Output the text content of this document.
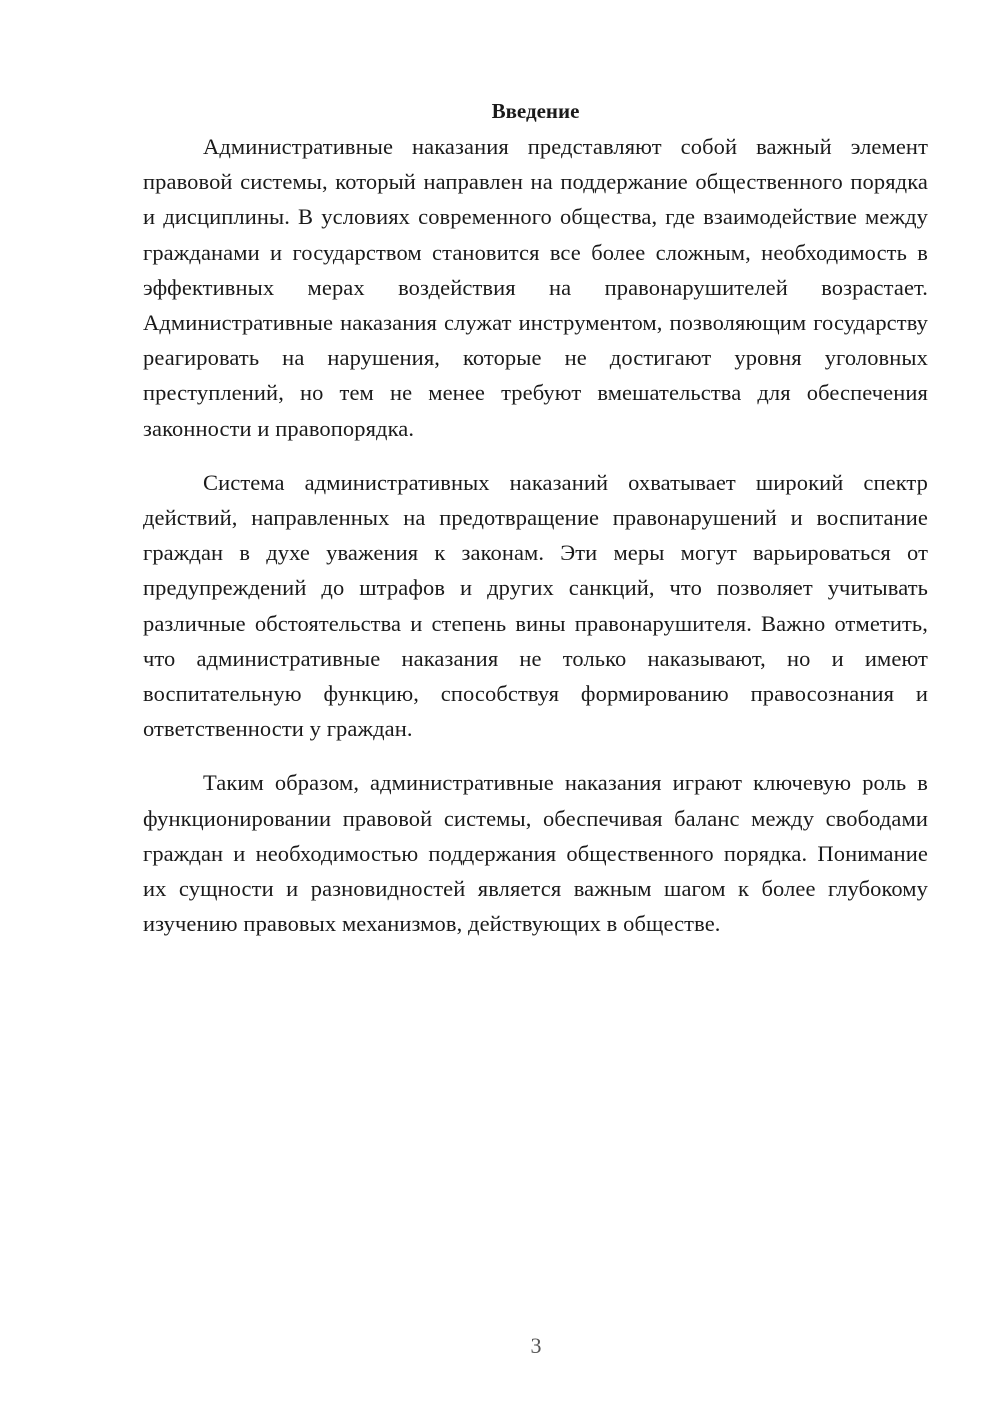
Введение

Административные наказания представляют собой важный элемент правовой системы, который направлен на поддержание общественного порядка и дисциплины. В условиях современного общества, где взаимодействие между гражданами и государством становится все более сложным, необходимость в эффективных мерах воздействия на правонарушителей возрастает. Административные наказания служат инструментом, позволяющим государству реагировать на нарушения, которые не достигают уровня уголовных преступлений, но тем не менее требуют вмешательства для обеспечения законности и правопорядка.

Система административных наказаний охватывает широкий спектр действий, направленных на предотвращение правонарушений и воспитание граждан в духе уважения к законам. Эти меры могут варьироваться от предупреждений до штрафов и других санкций, что позволяет учитывать различные обстоятельства и степень вины правонарушителя. Важно отметить, что административные наказания не только наказывают, но и имеют воспитательную функцию, способствуя формированию правосознания и ответственности у граждан.

Таким образом, административные наказания играют ключевую роль в функционировании правовой системы, обеспечивая баланс между свободами граждан и необходимостью поддержания общественного порядка. Понимание их сущности и разновидностей является важным шагом к более глубокому изучению правовых механизмов, действующих в обществе.

3
